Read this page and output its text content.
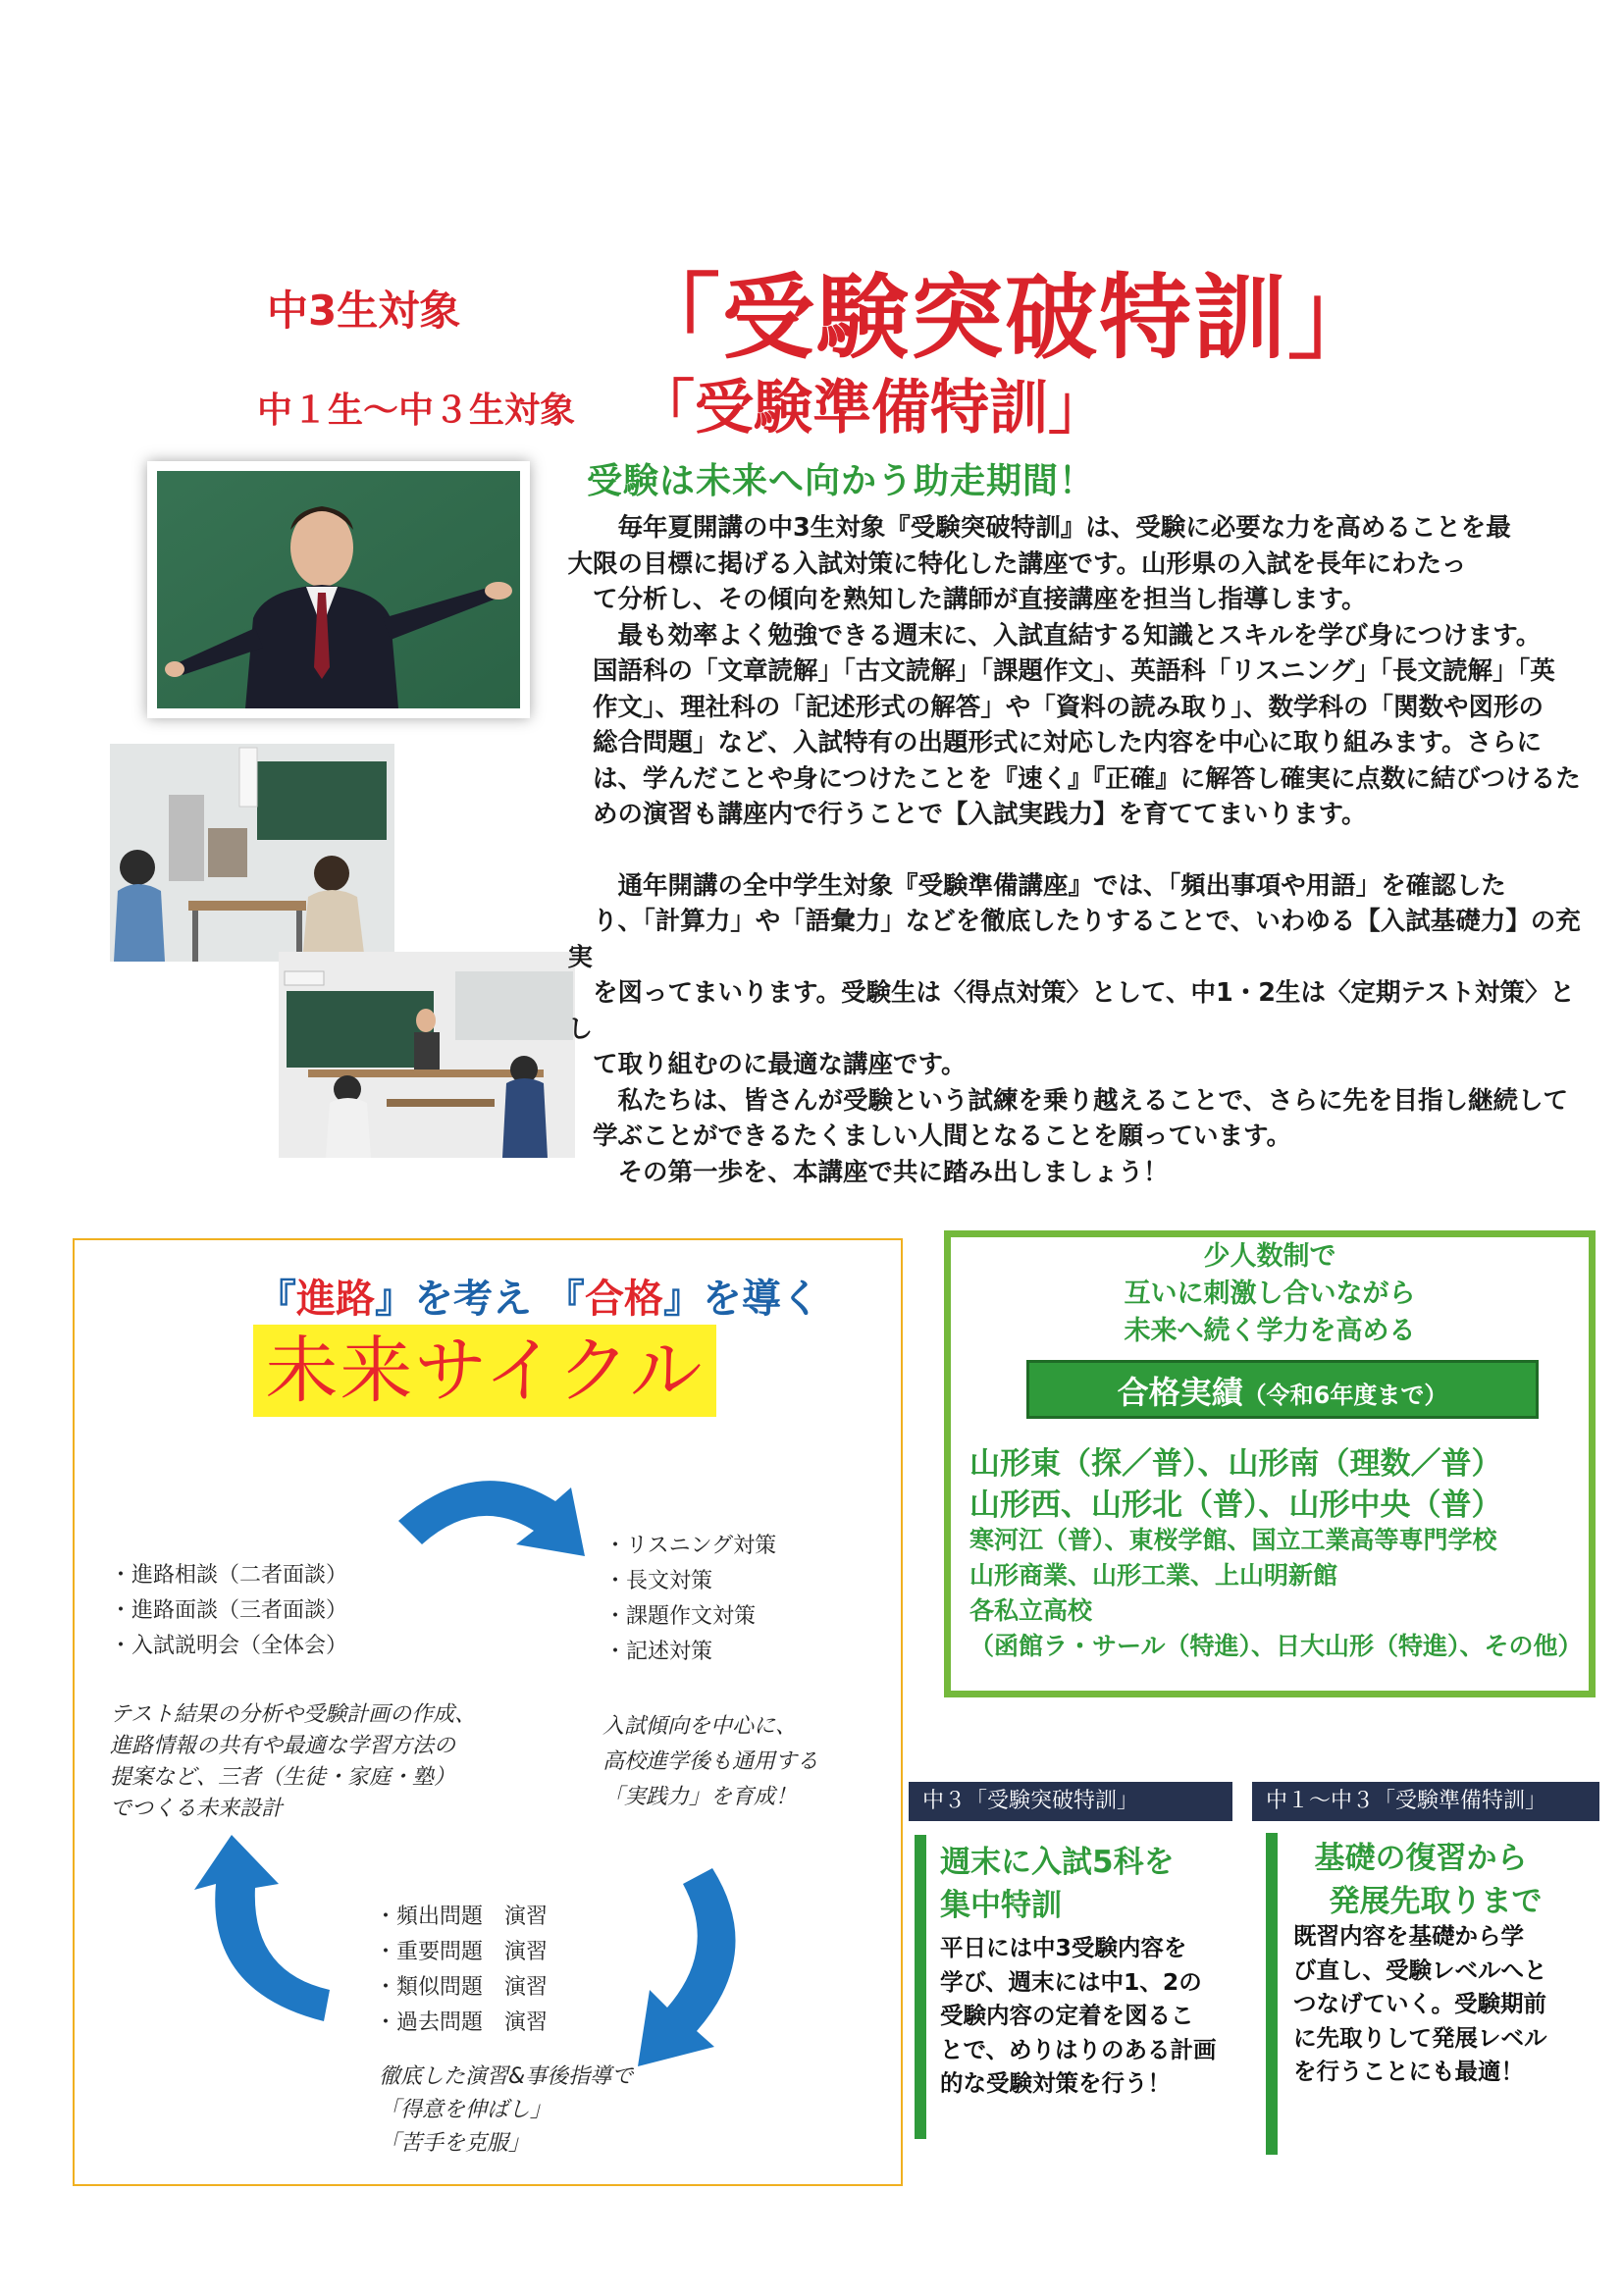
中3生対象 「受験突破特訓」
中１生～中３生対象 「受験準備特訓」
受験は未来へ向かう助走期間！

毎年夏開講の中3生対象『受験突破特訓』は、受験に必要な力を高めることを最
大限の目標に掲げる入試対策に特化した講座です。山形県の入試を長年にわたっ
て分析し、その傾向を熟知した講師が直接講座を担当し指導します。

最も効率よく勉強できる週末に、入試直結する知識とスキルを学び身につけます。
国語科の「文章読解」「古文読解」「課題作文」、英語科「リスニング」「長文読解」「英
作文」、理社科の「記述形式の解答」や「資料の読み取り」、数学科の「関数や図形の
総合問題」など、入試特有の出題形式に対応した内容を中心に取り組みます。さらに
は、学んだことや身につけたことを『速く』『正確』に解答し確実に点数に結びつけるた
めの演習も講座内で行うことで【入試実践力】を育ててまいります。

通年開講の全中学生対象『受験準備講座』では、「頻出事項や用語」を確認した
り、「計算力」や「語彙力」などを徹底したりすることで、いわゆる【入試基礎力】の充実
を図ってまいります。受験生は〈得点対策〉として、中1・2生は〈定期テスト対策〉とし
て取り組むのに最適な講座です。

私たちは、皆さんが受験という試練を乗り越えることで、さらに先を目指し継続して
学ぶことができるたくましい人間となることを願っています。

その第一歩を、本講座で共に踏み出しましょう！

『進路』を考え 『合格』を導く
未来サイクル
・ 進路相談（二者面談）
・ 進路面談（三者面談）
・ 入試説明会（全体会）
テスト結果の分析や受験計画の作成、
進路情報の共有や最適な学習方法の
提案など、三者（生徒・家庭・塾）
でつくる未来設計
・ リスニング対策
・ 長文対策
・ 課題作文対策
・ 記述対策
入試傾向を中心に、
高校進学後も通用する
「実践力」を育成！
・ 頻出問題　演習
・ 重要問題　演習
・ 類似問題　演習
・ 過去問題　演習
徹底した演習&事後指導で
「得意を伸ばし」
「苦手を克服」
少人数制で
互いに刺激し合いながら
未来へ続く学力を高める
合格実績（令和6年度まで）
山形東（探／普）、山形南（理数／普）
山形西、山形北（普）、山形中央（普）
寒河江（普）、東桜学館、国立工業高等専門学校
山形商業、山形工業、上山明新館
各私立高校
（函館ラ・サール（特進）、日大山形（特進）、その他）
中３「受験突破特訓」
週末に入試5科を
集中特訓
平日には中3受験内容を
学び、週末には中1、2の
受験内容の定着を図るこ
とで、めりはりのある計画
的な受験対策を行う！
中１～中３「受験準備特訓」
基礎の復習から
発展先取りまで
既習内容を基礎から学
び直し、受験レベルへと
つなげていく。受験期前
に先取りして発展レベル
を行うことにも最適！
